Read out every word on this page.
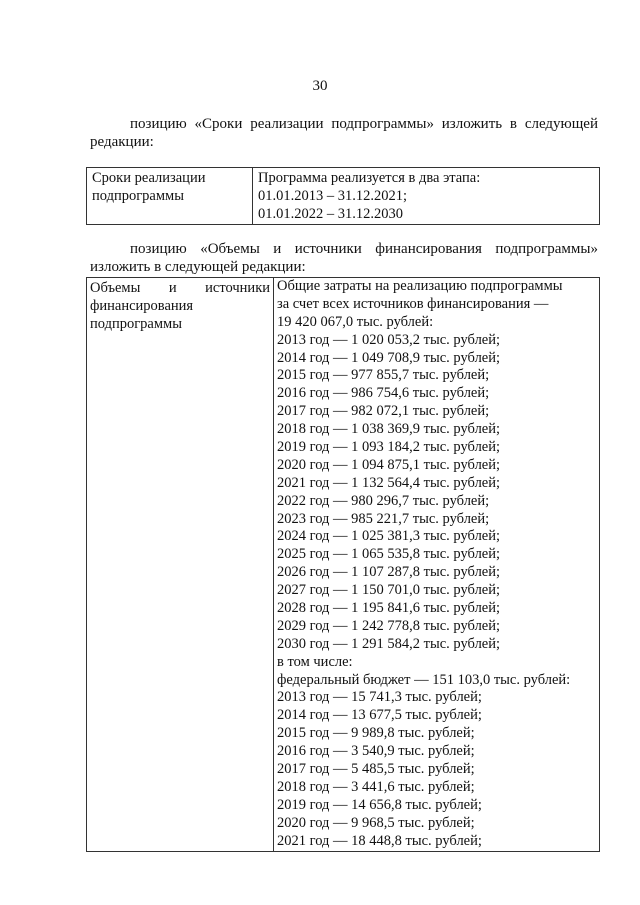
30
позицию «Сроки реализации подпрограммы» изложить в следующей
редакции:
Сроки реализации
подпрограммы

Программа реализуется в два этапа:
01.01.2013 – 31.12.2021;
01.01.2022 – 31.12.2030
позицию «Объемы и источники финансирования подпрограммы»
изложить в следующей редакции:
Объемы и источники
финансирования
подпрограммы

Общие затраты на реализацию подпрограммы
за счет всех источников финансирования —
19 420 067,0 тыс. рублей:
2013 год — 1 020 053,2 тыс. рублей;
2014 год — 1 049 708,9 тыс. рублей;
2015 год — 977 855,7 тыс. рублей;
2016 год — 986 754,6 тыс. рублей;
2017 год — 982 072,1 тыс. рублей;
2018 год — 1 038 369,9 тыс. рублей;
2019 год — 1 093 184,2 тыс. рублей;
2020 год — 1 094 875,1 тыс. рублей;
2021 год — 1 132 564,4 тыс. рублей;
2022 год — 980 296,7 тыс. рублей;
2023 год — 985 221,7 тыс. рублей;
2024 год — 1 025 381,3 тыс. рублей;
2025 год — 1 065 535,8 тыс. рублей;
2026 год — 1 107 287,8 тыс. рублей;
2027 год — 1 150 701,0 тыс. рублей;
2028 год — 1 195 841,6 тыс. рублей;
2029 год — 1 242 778,8 тыс. рублей;
2030 год — 1 291 584,2 тыс. рублей;
в том числе:
федеральный бюджет — 151 103,0 тыс. рублей:
2013 год — 15 741,3 тыс. рублей;
2014 год — 13 677,5 тыс. рублей;
2015 год — 9 989,8 тыс. рублей;
2016 год — 3 540,9 тыс. рублей;
2017 год — 5 485,5 тыс. рублей;
2018 год — 3 441,6 тыс. рублей;
2019 год — 14 656,8 тыс. рублей;
2020 год — 9 968,5 тыс. рублей;
2021 год — 18 448,8 тыс. рублей;
